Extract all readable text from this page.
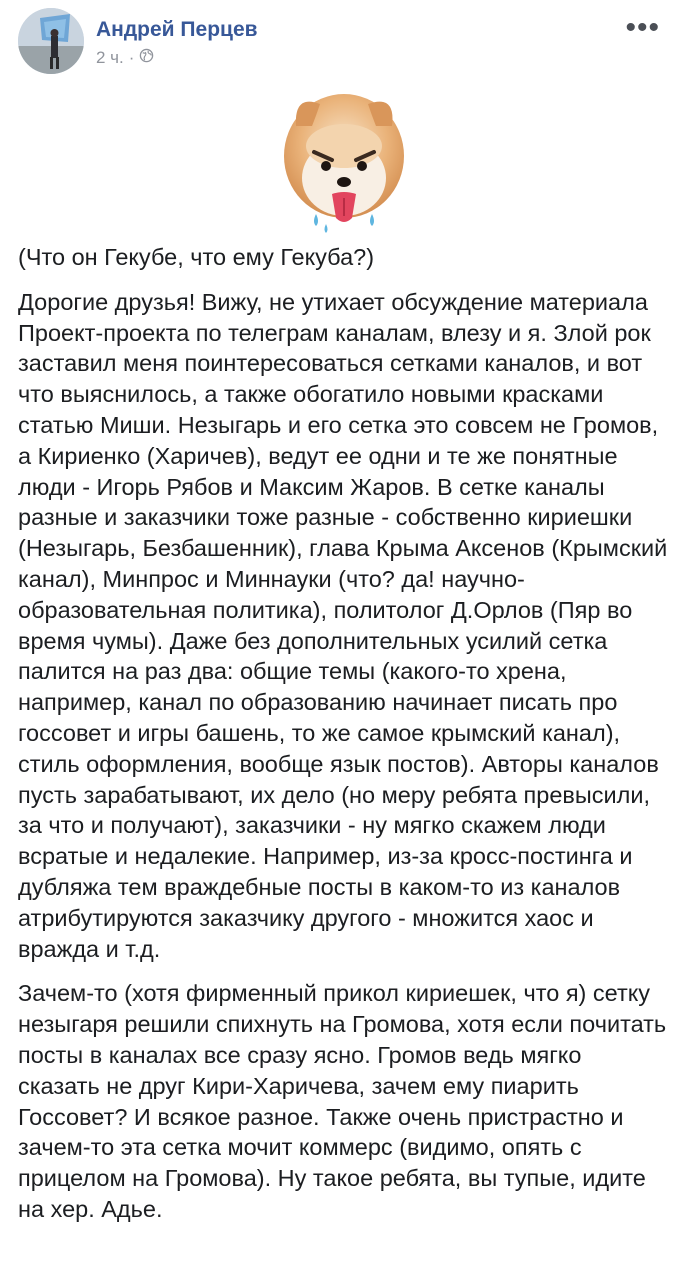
Андрей Перцев
2 ч. ·
•••

(Что он Гекубе, что ему Гекуба?)

Дорогие друзья! Вижу, не утихает обсуждение материала Проект-проекта по телеграм каналам, влезу и я. Злой рок заставил меня поинтересоваться сетками каналов, и вот что выяснилось, а также обогатило новыми красками статью Миши. Незыгарь и его сетка это совсем не Громов, а Кириенко (Харичев), ведут ее одни и те же понятные люди - Игорь Рябов и Максим Жаров. В сетке каналы разные и заказчики тоже разные - собственно кириешки (Незыгарь, Безбашенник), глава Крыма Аксенов (Крымский канал), Минпрос и Миннауки (что? да! научно-образовательная политика), политолог Д.Орлов (Пяр во время чумы). Даже без дополнительных усилий сетка палится на раз два: общие темы (какого-то хрена, например, канал по образованию начинает писать про госсовет и игры башень, то же самое крымский канал), стиль оформления, вообще язык постов). Авторы каналов пусть зарабатывают, их дело (но меру ребята превысили, за что и получают), заказчики - ну мягко скажем люди всратые и недалекие. Например, из-за кросс-постинга и дубляжа тем враждебные посты в каком-то из каналов атрибутируются заказчику другого - множится хаос и вражда и т.д.

Зачем-то (хотя фирменный прикол кириешек, что я) сетку незыгаря решили спихнуть на Громова, хотя если почитать посты в каналах все сразу ясно. Громов ведь мягко сказать не друг Кири-Харичева, зачем ему пиарить Госсовет? И всякое разное. Также очень пристрастно и зачем-то эта сетка мочит коммерс (видимо, опять с прицелом на Громова). Ну такое ребята, вы тупые, идите на хер. Адье.
